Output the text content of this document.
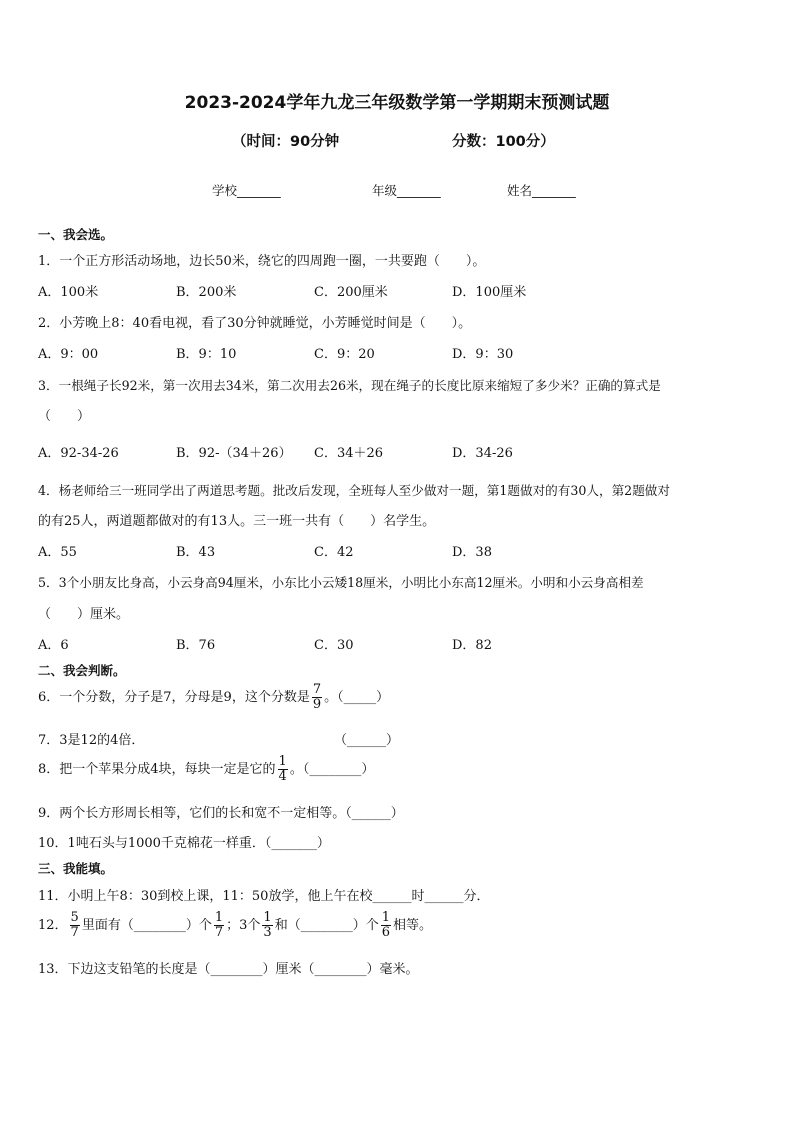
2023-2024学年九龙三年级数学第一学期期末预测试题
（时间：90分钟	分数：100分）
学校_______	年级_______	姓名_______
一、我会选。
1．一个正方形活动场地，边长50米，绕它的四周跑一圈，一共要跑（　　）。
A．100米	B．200米	C．200厘米	D．100厘米
2．小芳晚上8：40看电视，看了30分钟就睡觉，小芳睡觉时间是（　　）。
A．9：00	B．9：10	C．9：20	D．9：30
3．一根绳子长92米，第一次用去34米，第二次用去26米，现在绳子的长度比原来缩短了多少米？正确的算式是
（　　）
A．92-34-26	B．92-（34＋26） C．34＋26	D．34-26
4．杨老师给三一班同学出了两道思考题。批改后发现，全班每人至少做对一题，第1题做对的有30人，第2题做对
的有25人，两道题都做对的有13人。三一班一共有（　　）名学生。
A．55	B．43	C．42	D．38
5．3个小朋友比身高，小云身高94厘米，小东比小云矮18厘米，小明比小东高12厘米。小明和小云身高相差
（　　）厘米。
A．6	B．76	C．30	D．82
二、我会判断。
6．一个分数，分子是7，分母是9，这个分数是 $\frac{7}{9}$ 。（_____）
7．3是12的4倍．	（______）
8．把一个苹果分成4块，每块一定是它的 $\frac{1}{4}$ 。（________）
9．两个长方形周长相等，它们的长和宽不一定相等。（______）
10．1吨石头与1000千克棉花一样重．（_______）
三、我能填。
11．小明上午8：30到校上课，11：50放学，他上午在校______时______分．
12． $\frac{5}{7}$ 里面有（________）个 $\frac{1}{7}$ ；3个 $\frac{1}{3}$ 和（________）个 $\frac{1}{6}$ 相等。
13．下边这支铅笔的长度是（________）厘米（________）毫米。
